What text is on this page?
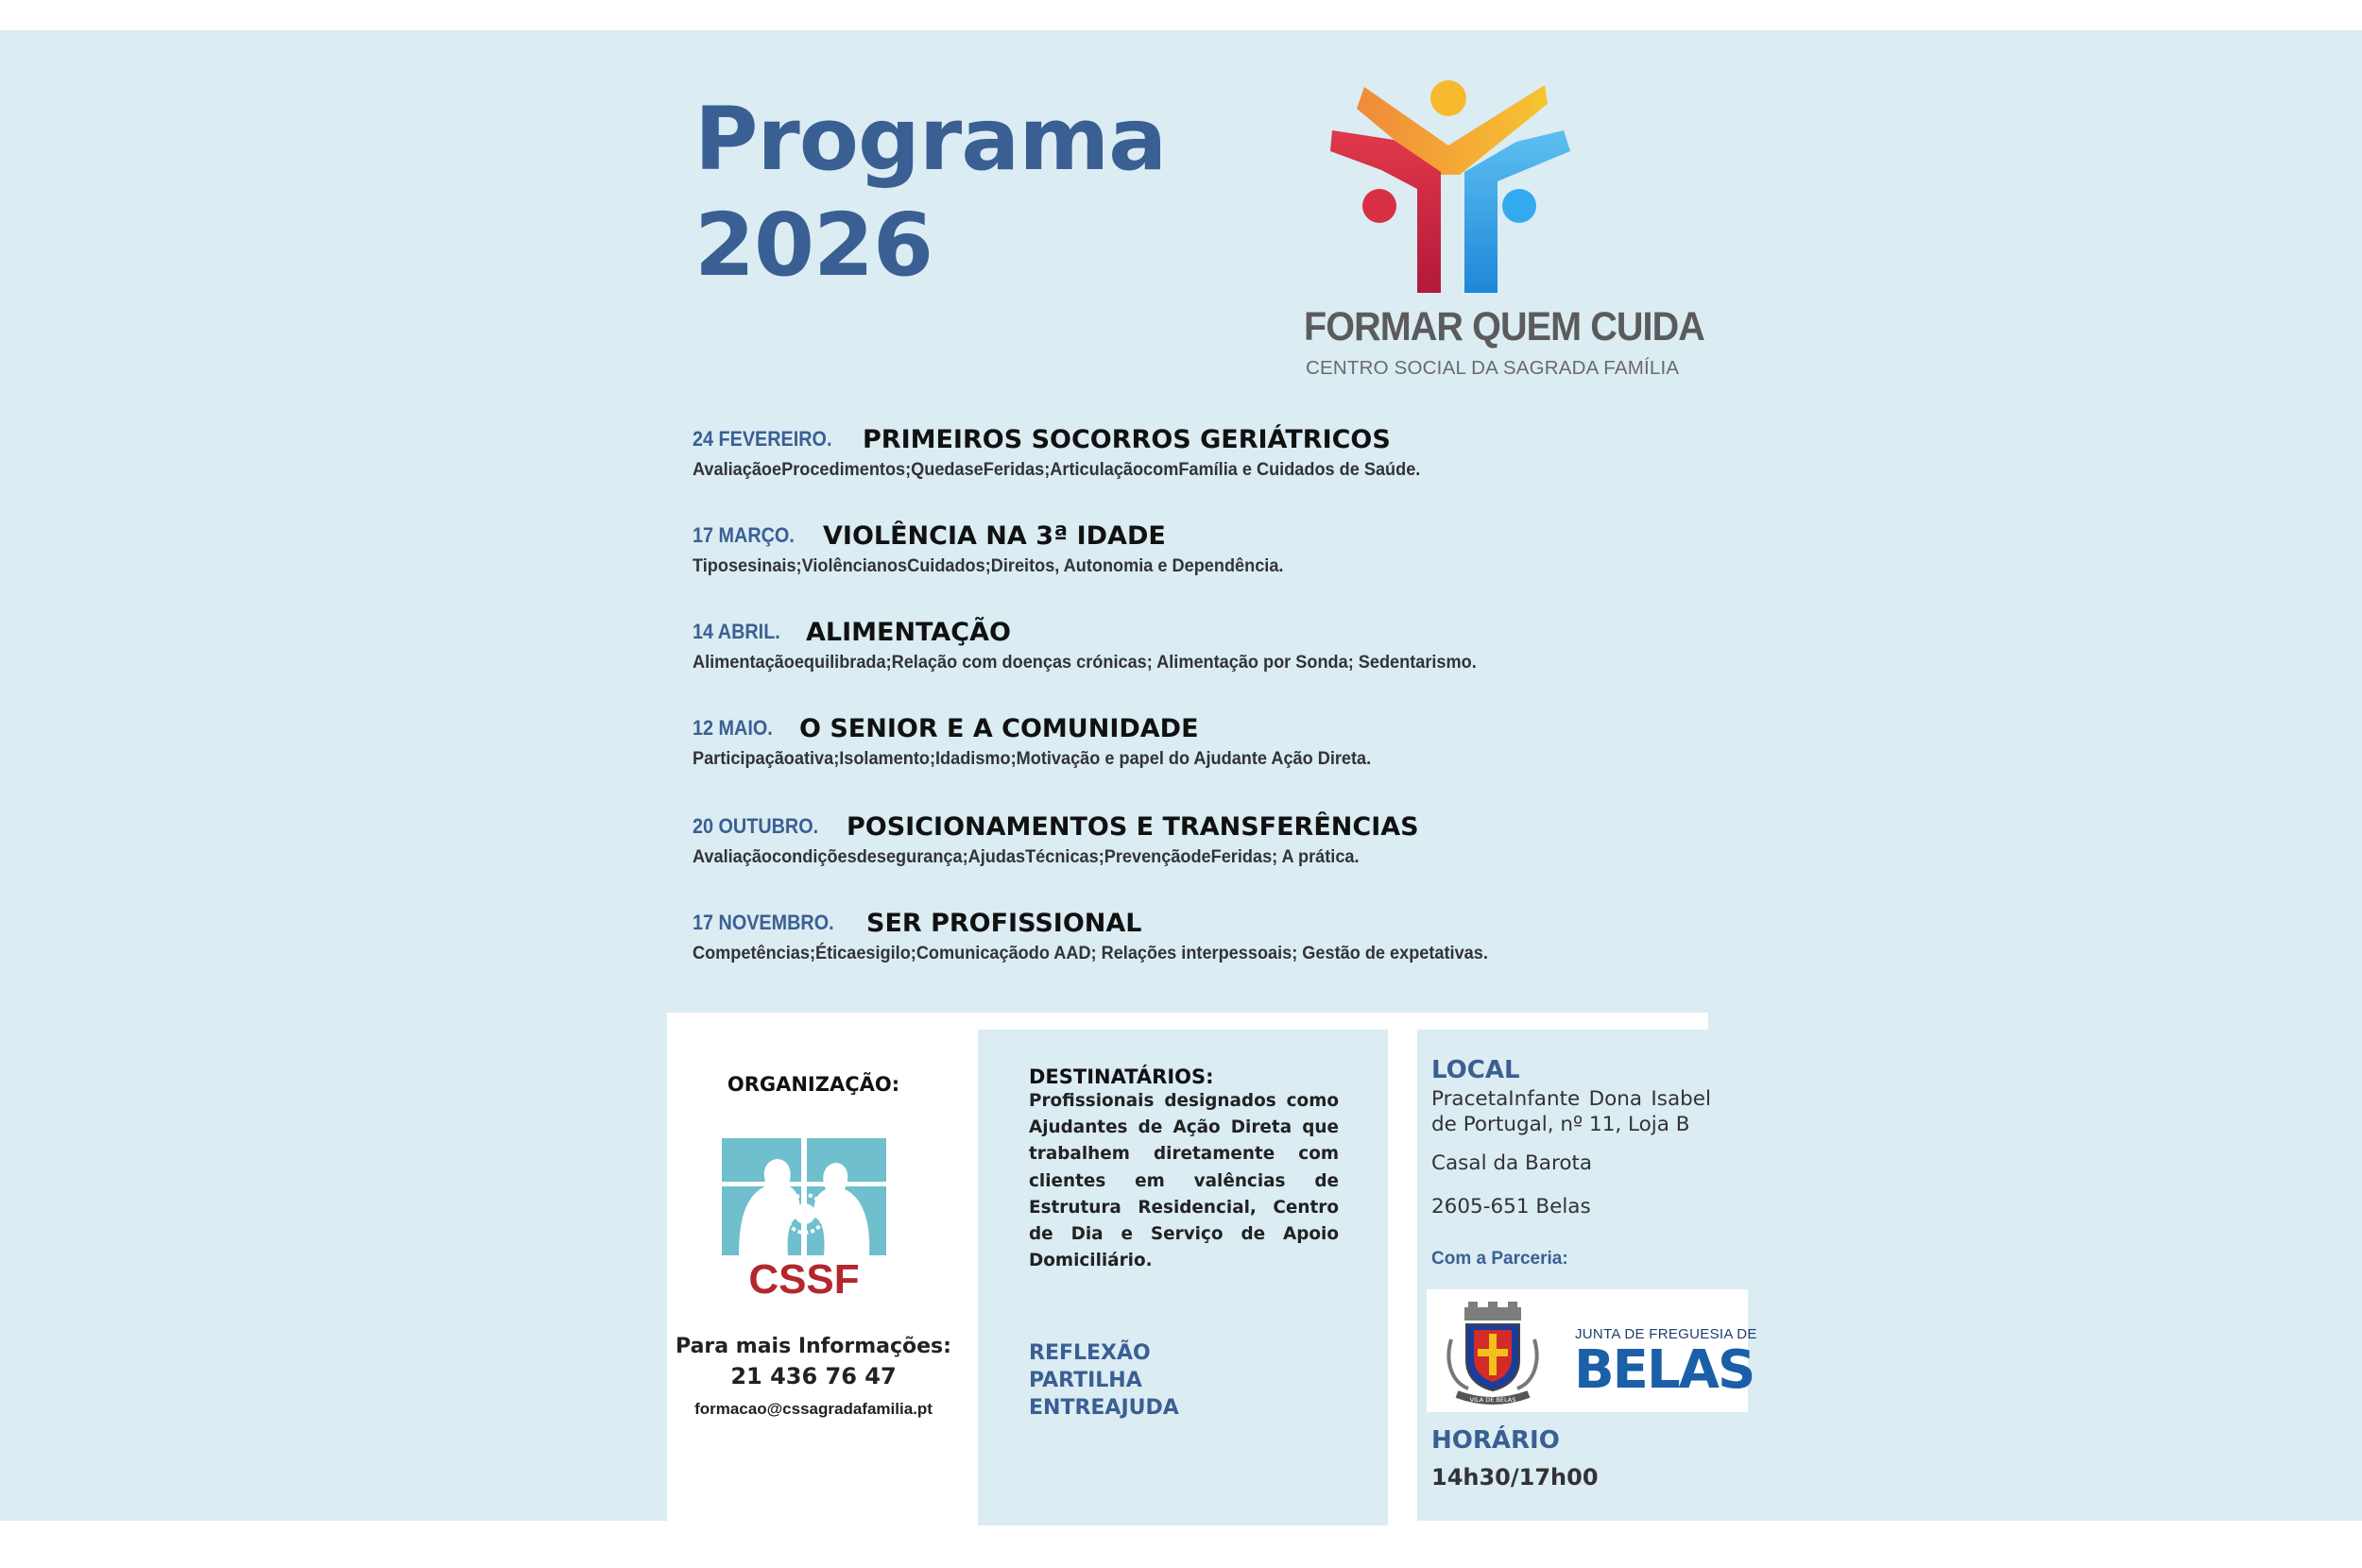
Programa
2026
FORMAR QUEM CUIDA
CENTRO SOCIAL DA SAGRADA FAMÍLIA
24 FEVEREIRO. PRIMEIROS SOCORROS GERIÁTRICOS
AvaliaçãoeProcedimentos;QuedaseFeridas;ArticulaçãocomFamília e Cuidados de Saúde.
17 MARÇO. VIOLÊNCIA NA 3ª IDADE
Tiposesinais;ViolêncianosCuidados;Direitos, Autonomia e Dependência.
14 ABRIL. ALIMENTAÇÃO
Alimentaçãoequilibrada;Relação com doenças crónicas; Alimentação por Sonda; Sedentarismo.
12 MAIO. O SENIOR E A COMUNIDADE
Participaçãoativa;Isolamento;Idadismo;Motivação e papel do Ajudante Ação Direta.
20 OUTUBRO. POSICIONAMENTOS E TRANSFERÊNCIAS
Avaliaçãocondiçõesdesegurança;AjudasTécnicas;PrevençãodeFeridas; A prática.
17 NOVEMBRO. SER PROFISSIONAL
Competências;Éticaesigilo;Comunicaçãodo AAD; Relações interpessoais; Gestão de expetativas.
ORGANIZAÇÃO:
CSSF
Para mais Informações:
21 436 76 47
formacao@cssagradafamilia.pt
DESTINATÁRIOS:
Profissionais designados como Ajudantes de Ação Direta que trabalhem diretamente com clientes em valências de Estrutura Residencial, Centro de Dia e Serviço de Apoio Domiciliário.
REFLEXÃO
PARTILHA
ENTREAJUDA
LOCAL
PracetaInfante Dona Isabel de Portugal, nº 11, Loja B
Casal da Barota
2605-651 Belas
Com a Parceria:
VILA DE BELAS
JUNTA DE FREGUESIA DE
BELAS
HORÁRIO
14h30/17h00
